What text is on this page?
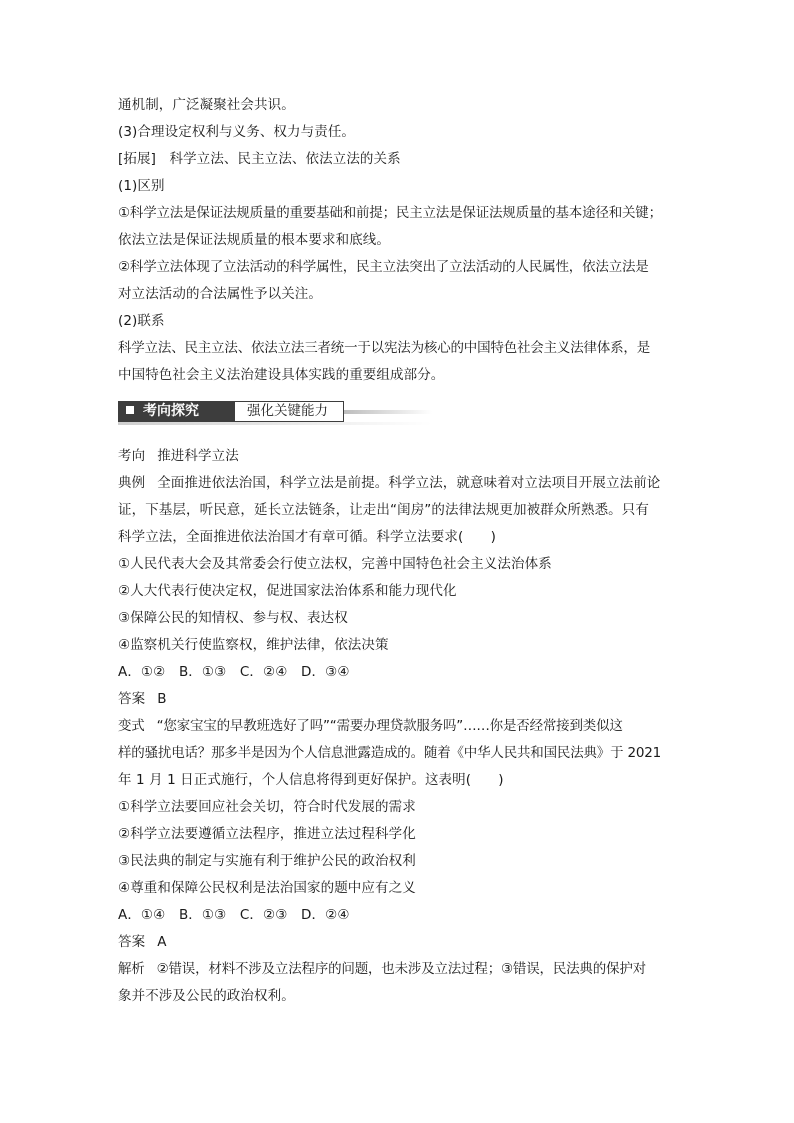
通机制，广泛凝聚社会共识。
(3)合理设定权利与义务、权力与责任。
[拓展]　科学立法、民主立法、依法立法的关系
(1)区别
①科学立法是保证法规质量的重要基础和前提；民主立法是保证法规质量的基本途径和关键；
依法立法是保证法规质量的根本要求和底线。
②科学立法体现了立法活动的科学属性，民主立法突出了立法活动的人民属性，依法立法是
对立法活动的合法属性予以关注。
(2)联系
科学立法、民主立法、依法立法三者统一于以宪法为核心的中国特色社会主义法律体系，是
中国特色社会主义法治建设具体实践的重要组成部分。
考向探究	强化关键能力
考向 推进科学立法
典例 全面推进依法治国，科学立法是前提。科学立法，就意味着对立法项目开展立法前论
证，下基层，听民意，延长立法链条，让走出“闺房”的法律法规更加被群众所熟悉。只有
科学立法，全面推进依法治国才有章可循。科学立法要求(　　)
①人民代表大会及其常委会行使立法权，完善中国特色社会主义法治体系
②人大代表行使决定权，促进国家法治体系和能力现代化
③保障公民的知情权、参与权、表达权
④监察机关行使监察权，维护法律，依法决策
A．①②　B．①③　C．②④　D．③④
答案 B
变式 “您家宝宝的早教班选好了吗”“需要办理贷款服务吗”……你是否经常接到类似这
样的骚扰电话？那多半是因为个人信息泄露造成的。随着《中华人民共和国民法典》于 2021
年 1 月 1 日正式施行，个人信息将得到更好保护。这表明(　　)
①科学立法要回应社会关切，符合时代发展的需求
②科学立法要遵循立法程序，推进立法过程科学化
③民法典的制定与实施有利于维护公民的政治权利
④尊重和保障公民权利是法治国家的题中应有之义
A．①④　B．①③　C．②③　D．②④
答案 A
解析 ②错误，材料不涉及立法程序的问题，也未涉及立法过程；③错误，民法典的保护对
象并不涉及公民的政治权利。
